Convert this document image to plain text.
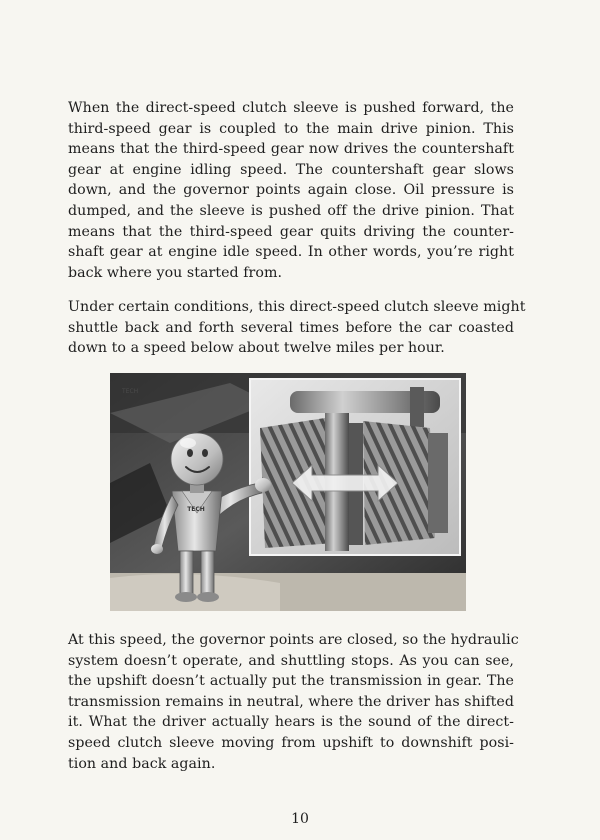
When the direct-speed clutch sleeve is pushed forward, the
third-speed gear is coupled to the main drive pinion. This
means that the third-speed gear now drives the countershaft
gear at engine idling speed. The countershaft gear slows
down, and the governor points again close. Oil pressure is
dumped, and the sleeve is pushed off the drive pinion. That
means that the third-speed gear quits driving the counter-
shaft gear at engine idle speed. In other words, you’re right
back where you started from.

Under certain conditions, this direct-speed clutch sleeve might
shuttle back and forth several times before the car coasted
down to a speed below about twelve miles per hour.

TECH
TECH

At this speed, the governor points are closed, so the hydraulic
system doesn’t operate, and shuttling stops. As you can see,
the upshift doesn’t actually put the transmission in gear. The
transmission remains in neutral, where the driver has shifted
it. What the driver actually hears is the sound of the direct-
speed clutch sleeve moving from upshift to downshift posi-
tion and back again.

10
